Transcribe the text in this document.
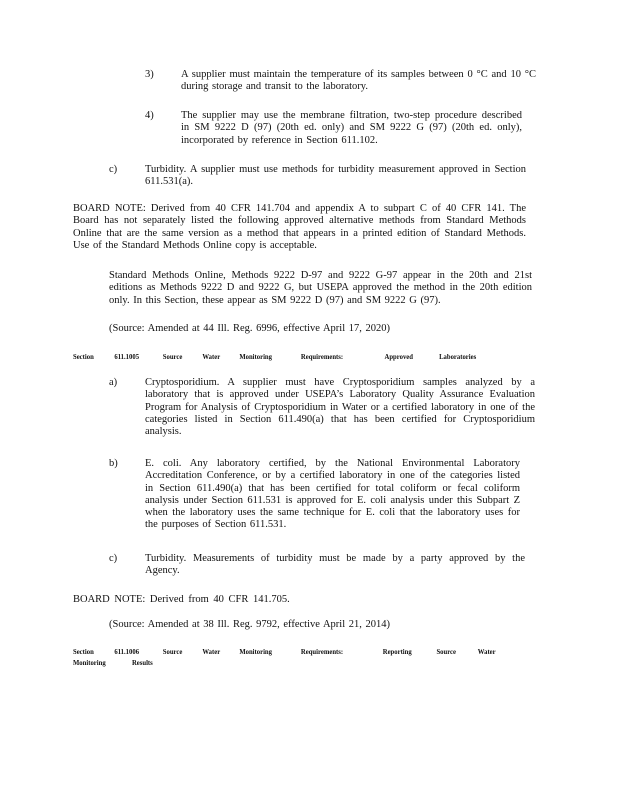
3)	A supplier must maintain the temperature of its samples between 0 °C and 10 °C during storage and transit to the laboratory.

4)	The supplier may use the membrane filtration, two-step procedure described in SM 9222 D (97) (20th ed. only) and SM 9222 G (97) (20th ed. only), incorporated by reference in Section 611.102.

c)	Turbidity. A supplier must use methods for turbidity measurement approved in Section 611.531(a).

BOARD NOTE: Derived from 40 CFR 141.704 and appendix A to subpart C of 40 CFR 141. The Board has not separately listed the following approved alternative methods from Standard Methods Online that are the same version as a method that appears in a printed edition of Standard Methods. Use of the Standard Methods Online copy is acceptable.

Standard Methods Online, Methods 9222 D-97 and 9222 G-97 appear in the 20th and 21st editions as Methods 9222 D and 9222 G, but USEPA approved the method in the 20th edition only. In this Section, these appear as SM 9222 D (97) and SM 9222 G (97).

(Source: Amended at 44 Ill. Reg. 6996, effective April 17, 2020)

Section	611.1005	Source	Water	Monitoring	Requirements:	Approved	Laboratories
a)	Cryptosporidium. A supplier must have Cryptosporidium samples analyzed by a laboratory that is approved under USEPA’s Laboratory Quality Assurance Evaluation Program for Analysis of Cryptosporidium in Water or a certified laboratory in one of the categories listed in Section 611.490(a) that has been certified for Cryptosporidium analysis.

b)	E. coli. Any laboratory certified, by the National Environmental Laboratory Accreditation Conference, or by a certified laboratory in one of the categories listed in Section 611.490(a) that has been certified for total coliform or fecal coliform analysis under Section 611.531 is approved for E. coli analysis under this Subpart Z when the laboratory uses the same technique for E. coli that the laboratory uses for the purposes of Section 611.531.

c)	Turbidity. Measurements of turbidity must be made by a party approved by the Agency.

BOARD NOTE: Derived from 40 CFR 141.705.

(Source: Amended at 38 Ill. Reg. 9792, effective April 21, 2014)

Section	611.1006	Source	Water	Monitoring	Requirements:	Reporting	Source	Water
Monitoring	Results
